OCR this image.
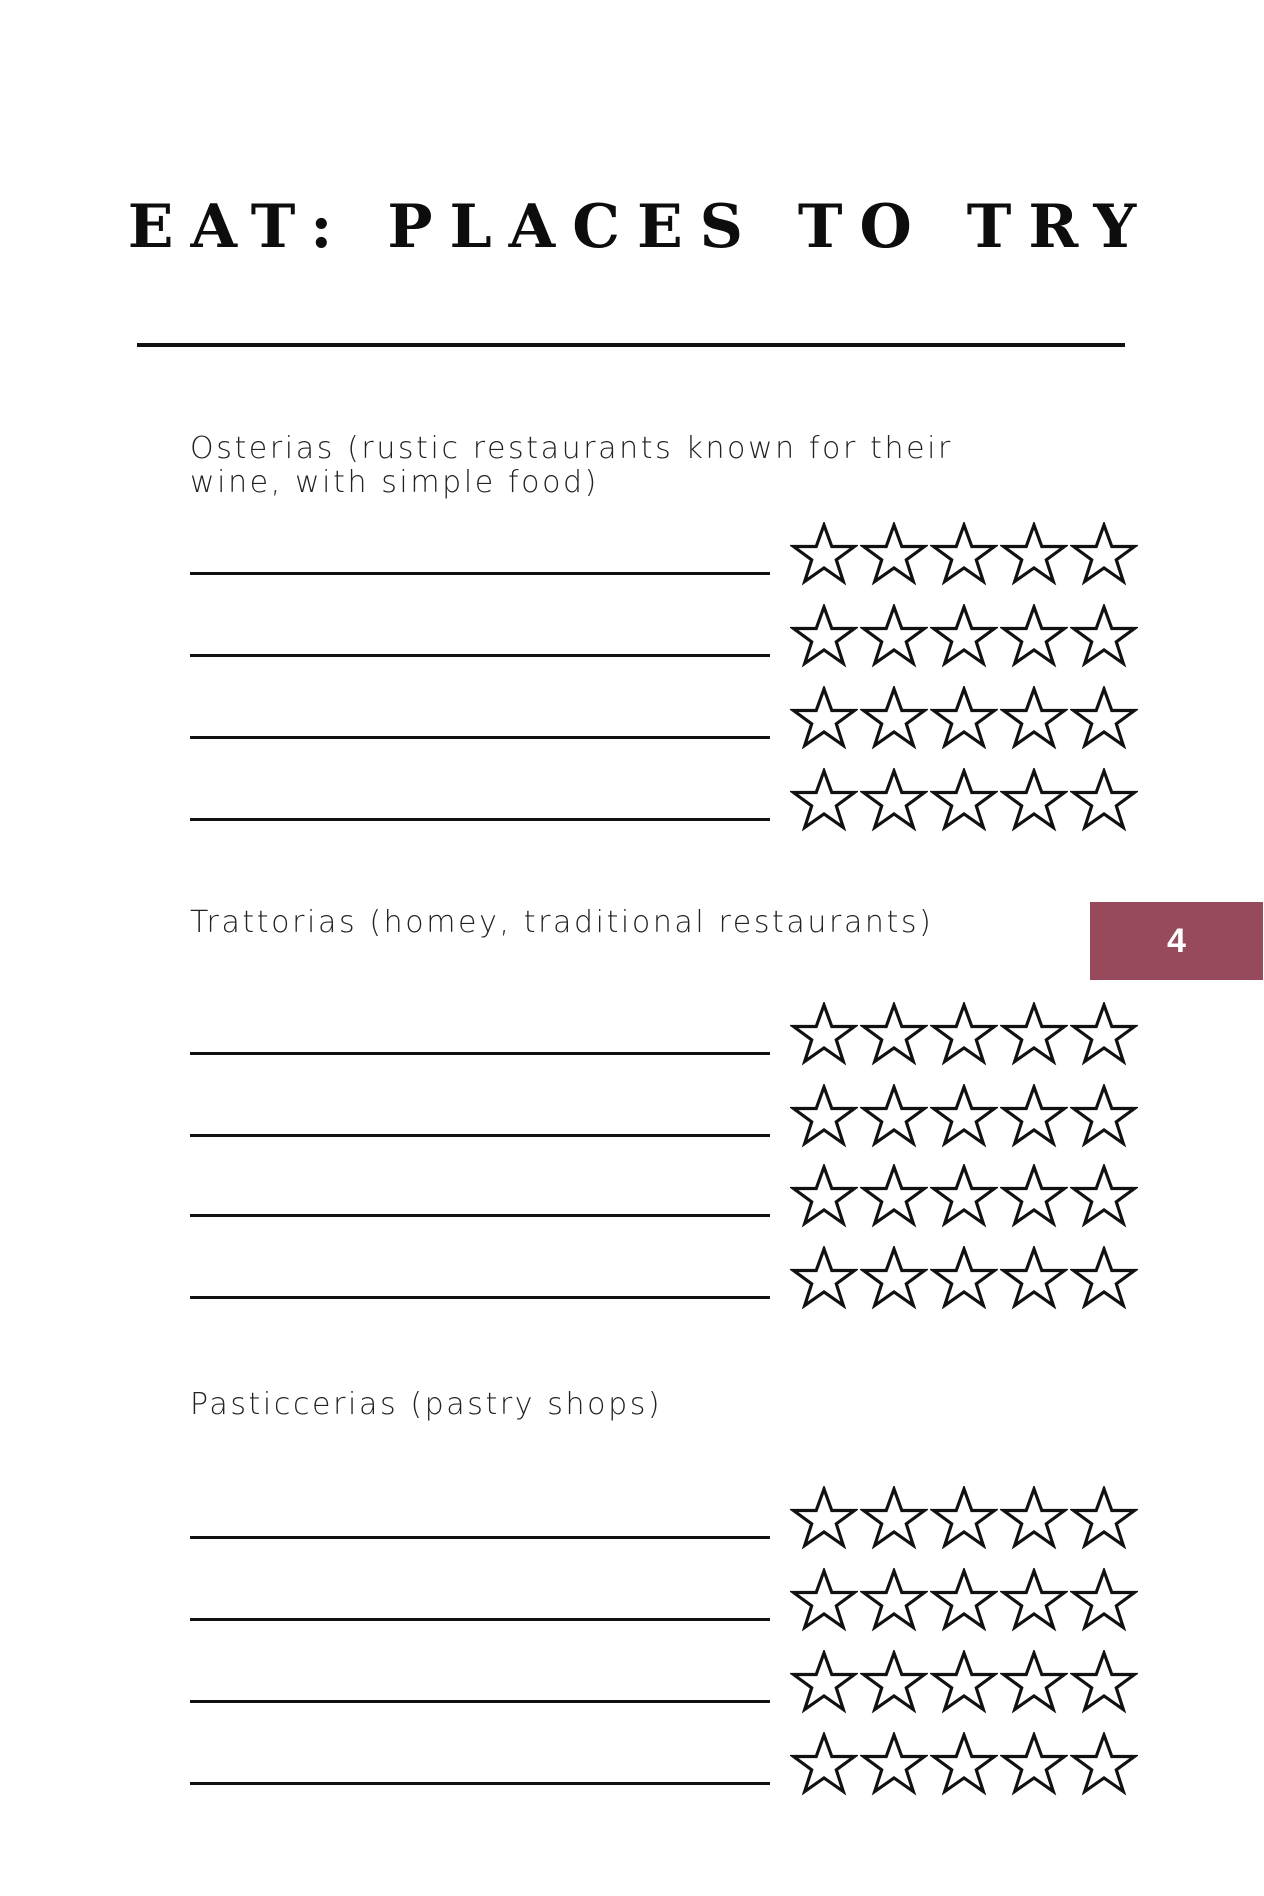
EAT: PLACES TO TRY
4

Osterias (rustic restaurants known for their wine, with simple food)

Trattorias (homey, traditional restaurants)

Pasticcerias (pastry shops)
